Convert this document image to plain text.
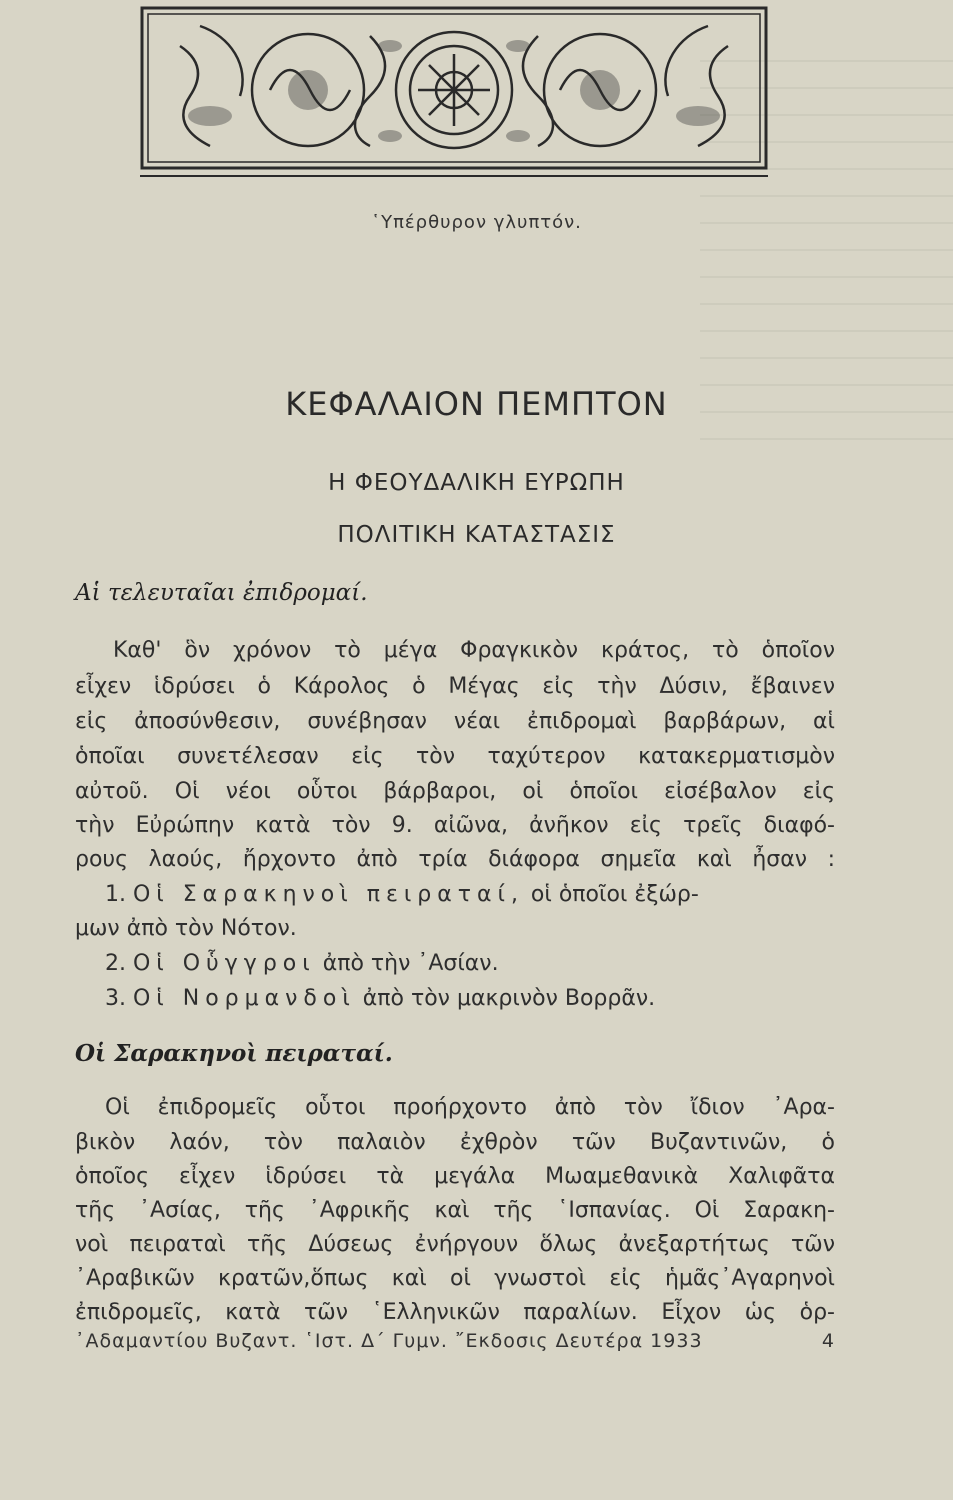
῾Υπέρθυρον γλυπτόν.
ΚΕΦΑΛΑΙΟΝ ΠΕΜΠΤΟΝ
Η ΦΕΟΥΔΑΛΙΚΗ ΕΥΡΩΠΗ
ΠΟΛΙΤΙΚΗ ΚΑΤΑΣΤΑΣΙΣ
Αἱ τελευταῖαι ἐπιδρομαί.
Καθ' ὃν χρόνον τὸ μέγα Φραγκικὸν κράτος, τὸ ὁποῖον
εἶχεν ἱδρύσει ὁ Κάρολος ὁ Μέγας εἰς τὴν Δύσιν, ἔβαινεν
εἰς ἀποσύνθεσιν, συνέβησαν νέαι ἐπιδρομαὶ βαρβάρων, αἱ
ὁποῖαι συνετέλεσαν εἰς τὸν ταχύτερον κατακερματισμὸν
αὐτοῦ. Οἱ νέοι οὗτοι βάρβαροι, οἱ ὁποῖοι εἰσέβαλον εἰς
τὴν Εὐρώπην κατὰ τὸν 9. αἰῶνα, ἀνῆκον εἰς τρεῖς διαφό-
ρους λαούς, ἤρχοντο ἀπὸ τρία διάφορα σημεῖα καὶ ἦσαν :
1. Οἱ Σαρακηνοὶ πειραταί, οἱ ὁποῖοι ἐξώρ-
μων ἀπὸ τὸν Νότον.
2. Οἱ Οὗγγροι ἀπὸ τὴν ᾿Ασίαν.
3. Οἱ Νορμανδοὶ ἀπὸ τὸν μακρινὸν Βορρᾶν.
Οἱ Σαρακηνοὶ πειραταί.
Οἱ ἐπιδρομεῖς οὗτοι προήρχοντο ἀπὸ τὸν ἴδιον ᾿Αρα-
βικὸν λαόν, τὸν παλαιὸν ἐχθρὸν τῶν Βυζαντινῶν, ὁ
ὁποῖος εἶχεν ἱδρύσει τὰ μεγάλα Μωαμεθανικὰ Χαλιφᾶτα
τῆς ᾿Ασίας, τῆς ᾿Αφρικῆς καὶ τῆς ῾Ισπανίας. Οἱ Σαρακη-
νοὶ πειραταὶ τῆς Δύσεως ἐνήργουν ὅλως ἀνεξαρτήτως τῶν
᾿Αραβικῶν κρατῶν,ὅπως καὶ οἱ γνωστοὶ εἰς ἡμᾶς᾿Αγαρηνοὶ
ἐπιδρομεῖς, κατὰ τῶν ῾Ελληνικῶν παραλίων. Εἶχον ὡς ὁρ-
᾿Αδαμαντίου Βυζαντ. ῾Ιστ. Δ΄ Γυμν. ῎Εκδοσις Δευτέρα 1933	4
